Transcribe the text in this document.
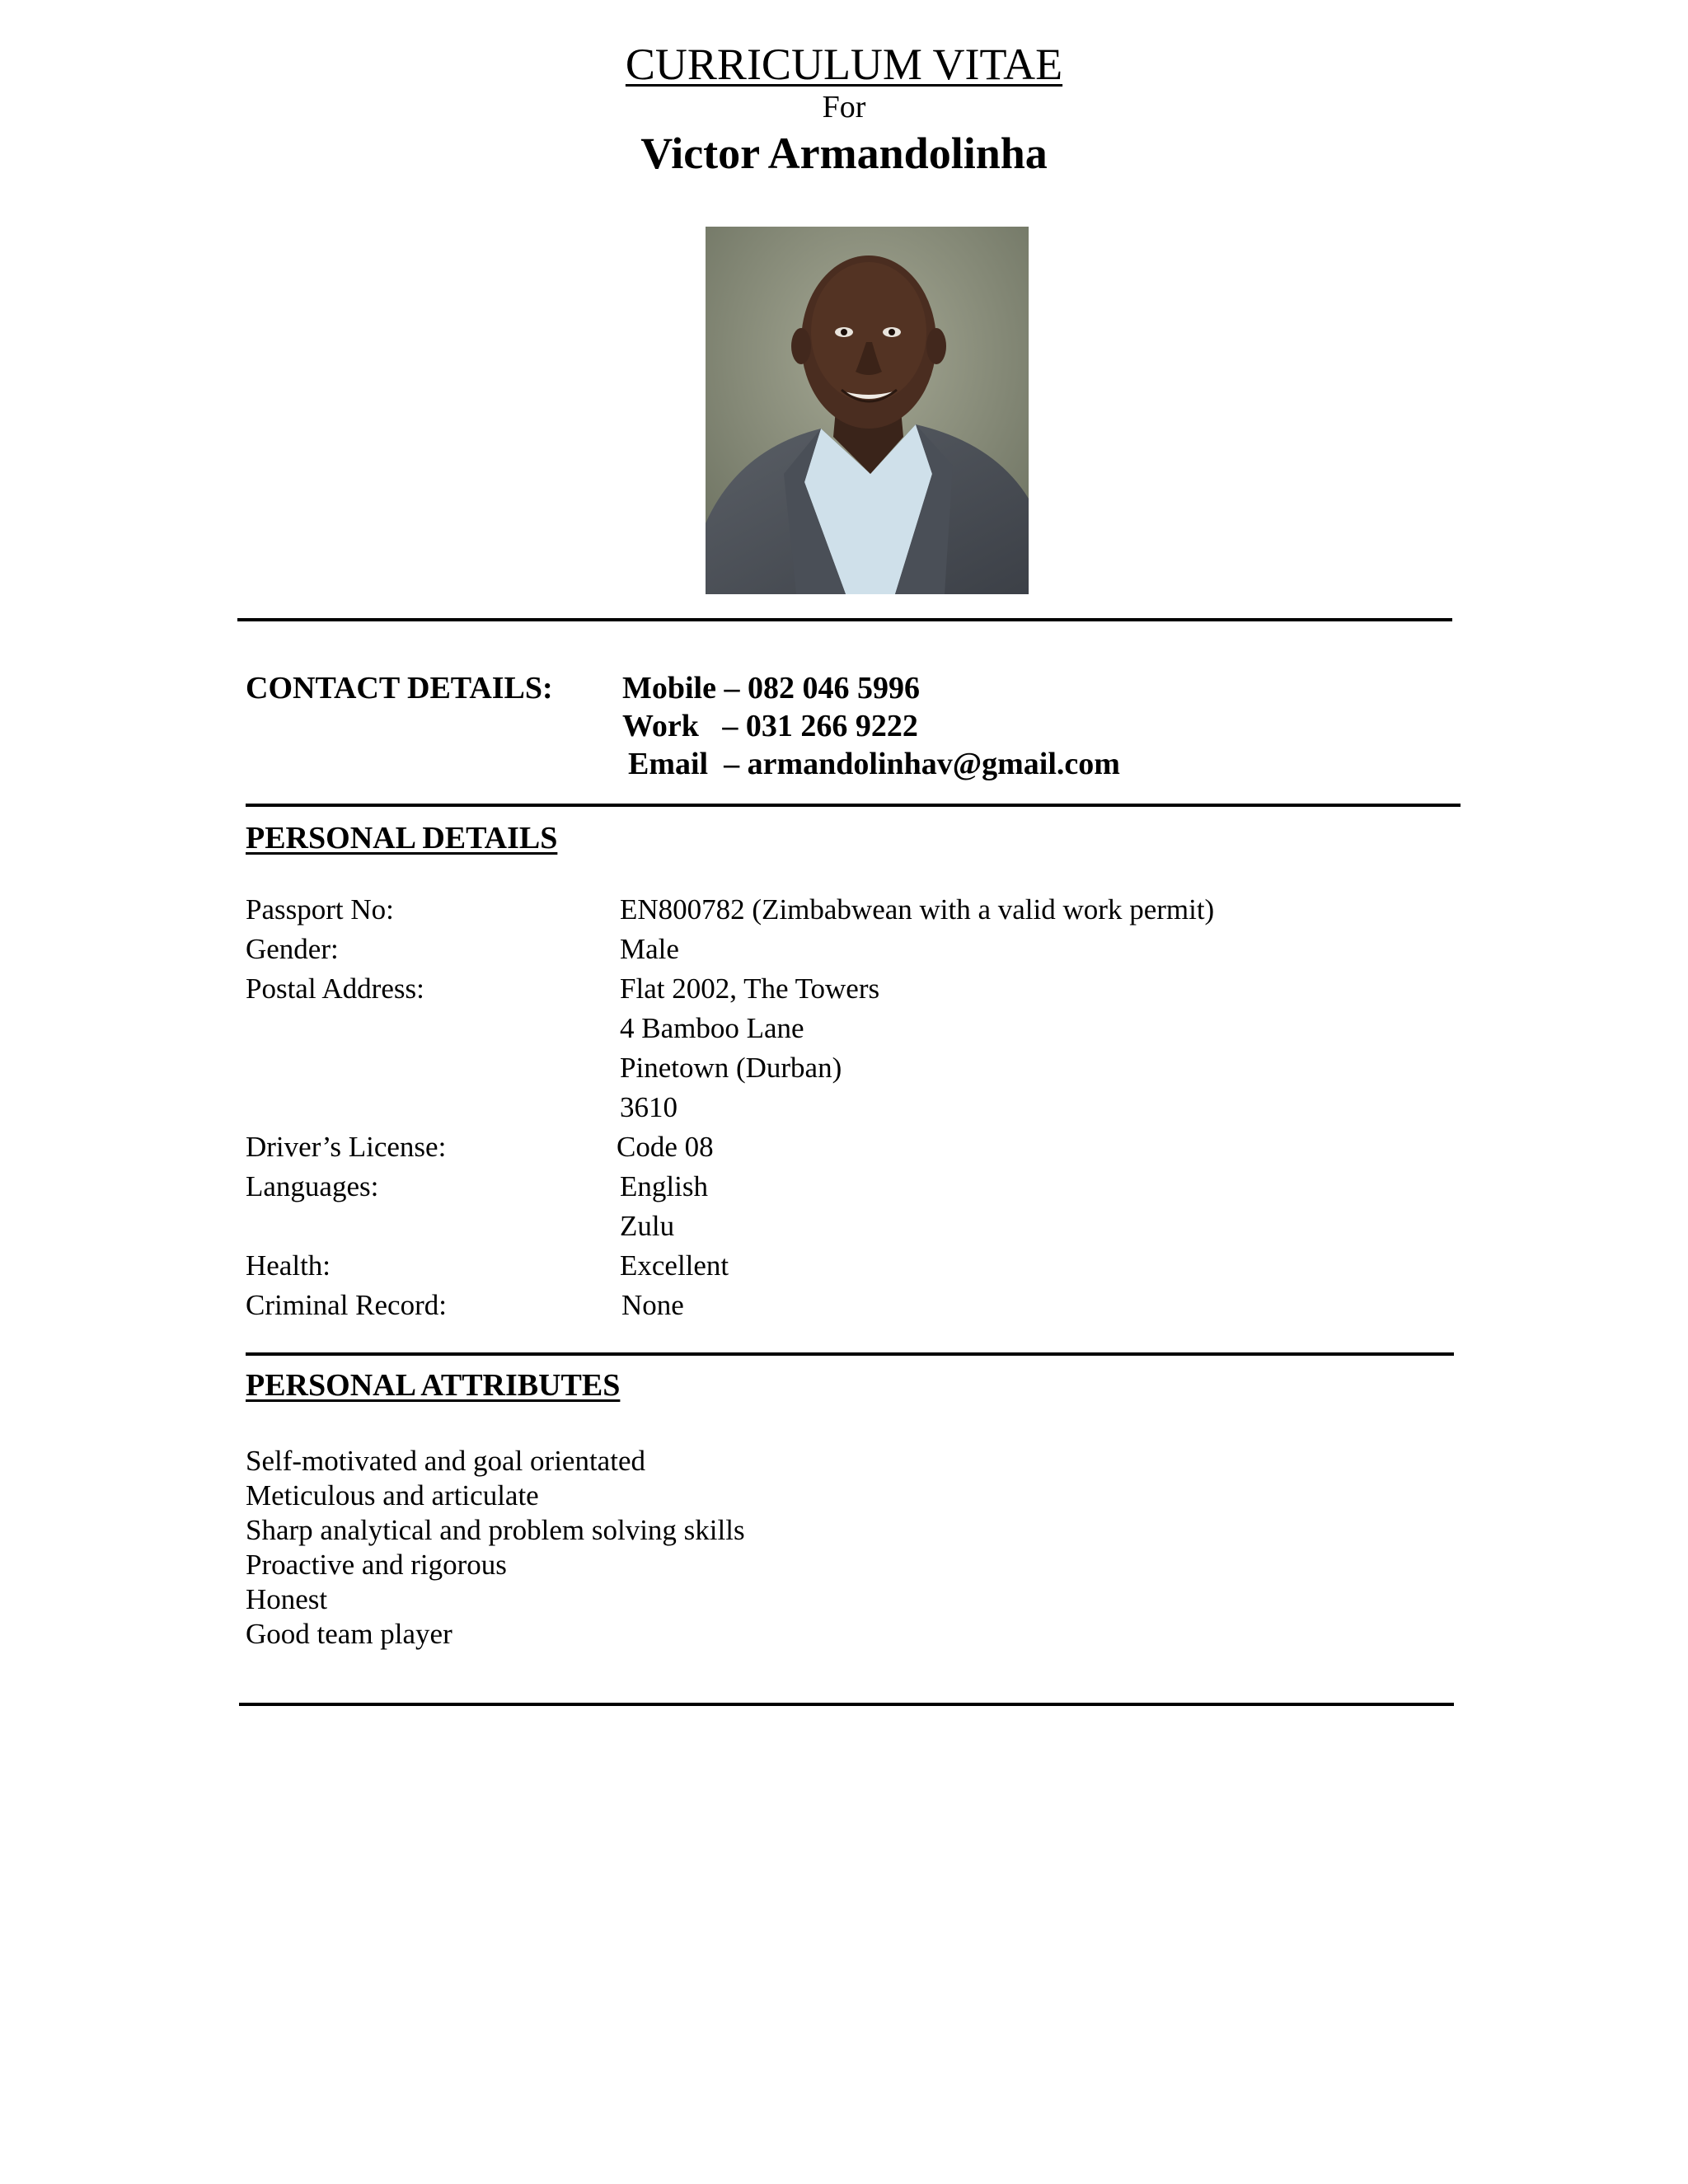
CURRICULUM VITAE
For
Victor Armandolinha
CONTACT DETAILS: Mobile – 082 046 5996
Work   – 031 266 9222
Email  – armandolinhav@gmail.com
PERSONAL DETAILS
Passport No:	EN800782 (Zimbabwean with a valid work permit)
Gender:	Male
Postal Address:	Flat 2002, The Towers
4 Bamboo Lane
Pinetown (Durban)
3610
Driver’s License:	Code 08
Languages:	English
Zulu
Health:	Excellent
Criminal Record:	None
PERSONAL ATTRIBUTES
Self-motivated and goal orientated
Meticulous and articulate
Sharp analytical and problem solving skills
Proactive and rigorous
Honest
Good team player
